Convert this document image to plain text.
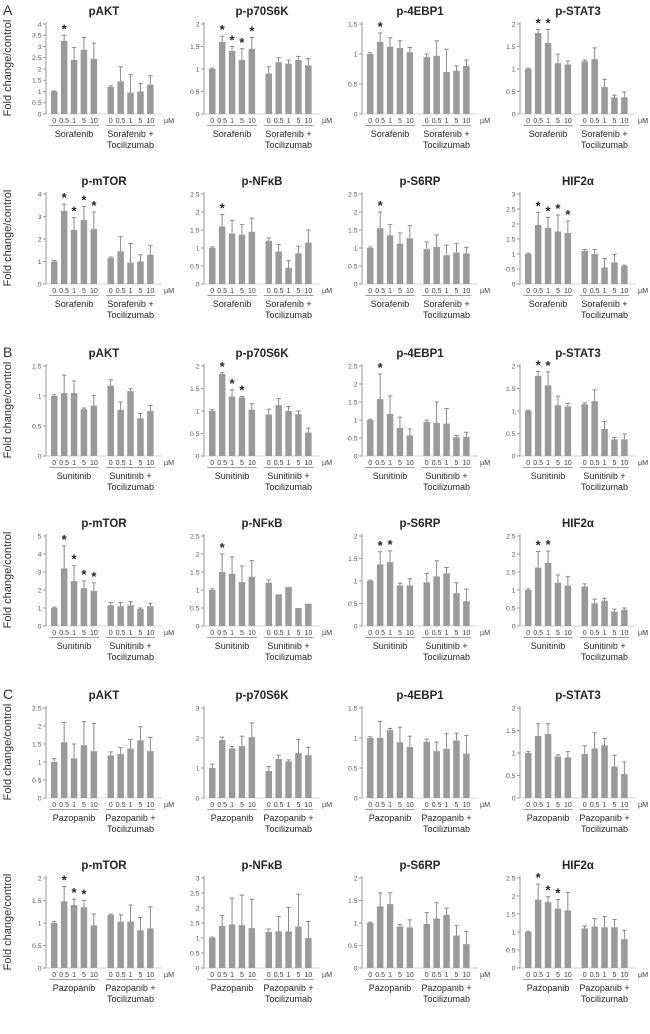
A
Fold change/control
pAKT
0
0.5
1
1.5
2
2.5
3
3.5
4
0 0.5
*
1 5 10 0 0.5 1 5 10 µM
Sorafenib Sorafenib +
Tocilizumab
p-p70S6K
0
0.5
1
1.5
2
0 0.5
*
1
*
5
*
10
*
0 0.5 1 5 10 µM
Sorafenib Sorafenib +
Tocilizumab
p-4EBP1
0
0.5
1
1.5
0 0.5
*
1 5 10 0 0.5 1 5 10 µM
Sorafenib Sorafenib +
Tocilizumab
p-STAT3
0
0.5
1
1.5
2
0 0.5
*
1
*
5 10 0 0.5 1 5 10 µM
Sorafenib Sorafenib +
Tocilizumab
Fold change/control
p-mTOR
0
1
2
3
4
0 0.5
*
1
*
5
*
10
*
0 0.5 1 5 10 µM
Sorafenib Sorafenib +
Tocilizumab
p-NFκB
0
0.5
1
1.5
2
2.5
0 0.5
*
1 5 10 0 0.5 1 5 10 µM
Sorafenib Sorafenib +
Tocilizumab
p-S6RP
0
0.5
1
1.5
2
2.5
0 0.5
*
1 5 10 0 0.5 1 5 10 µM
Sorafenib Sorafenib +
Tocilizumab
HIF2α
0
0.5
1
1.5
2
2.5
3
0 0.5
*
1
*
5
*
10
*
0 0.5 1 5 10 µM
Sorafenib Sorafenib +
Tocilizumab
B
Fold change/control
pAKT
0
0.5
1
1.5
0 0.5 1 5 10 0 0.5 1 5 10 µM
Sunitinib Sunitinib +
Tocilizumab
p-p70S6K
0
0.5
1
1.5
2
0 0.5
*
1
*
5
*
10 0 0.5 1 5 10 µM
Sunitinib Sunitinib +
Tocilizumab
p-4EBP1
0
0.5
1
1.5
2
2.5
0 0.5
*
1 5 10 0 0.5 1 5 10 µM
Sunitinib Sunitinib +
Tocilizumab
p-STAT3
0
0.5
1
1.5
2
0 0.5
*
1
*
5 10 0 0.5 1 5 10 µM
Sunitinib Sunitinib +
Tocilizumab
Fold change/control
p-mTOR
0
1
2
3
4
5
0 0.5
*
1
*
5
*
10
*
0 0.5 1 5 10 µM
Sunitinib Sunitinib +
Tocilizumab
p-NFκB
0
0.5
1
1.5
2
2.5
0 0.5
*
1 5 10 0 0.5 1 5 10 µM
Sunitinib Sunitinib +
Tocilizumab
p-S6RP
0
0.5
1
1.5
2
0 0.5
*
1
*
5 10 0 0.5 1 5 10 µM
Sunitinib Sunitinib +
Tocilizumab
HIF2α
0
0.5
1
1.5
2
2.5
0 0.5
*
1
*
5 10 0 0.5 1 5 10 µM
Sunitinib Sunitinib +
Tocilizumab
C
Fold change/control
pAKT
0
0.5
1
1.5
2
2.5
0 0.5 1 5 10 0 0.5 1 5 10 µM
Pazopanib Pazopanib +
Tocilizumab
p-p70S6K
0
1
2
3
0 0.5 1 5 10 0 0.5 1 5 10 µM
Pazopanib Pazopanib +
Tocilizumab
p-4EBP1
0
0.5
1
1.5
0 0.5 1 5 10 0 0.5 1 5 10 µM
Pazopanib Pazopanib +
Tocilizumab
p-STAT3
0
0.5
1
1.5
2
0 0.5 1 5 10 0 0.5 1 5 10 µM
Pazopanib Pazopanib +
Tocilizumab
Fold change/control
p-mTOR
0
0.5
1
1.5
2
0 0.5
*
1
*
5
*
10 0 0.5 1 5 10 µM
Pazopanib Pazopanib +
Tocilizumab
p-NFκB
0
0.5
1
1.5
2
2.5
3
0 0.5 1 5 10 0 0.5 1 5 10 µM
Pazopanib Pazopanib +
Tocilizumab
p-S6RP
0
0.5
1
1.5
2
0 0.5 1 5 10 0 0.5 1 5 10 µM
Pazopanib Pazopanib +
Tocilizumab
HIF2α
0
0.5
1
1.5
2
2.5
0 0.5
*
1
*
5
*
10 0 0.5 1 5 10 µM
Pazopanib Pazopanib +
Tocilizumab
